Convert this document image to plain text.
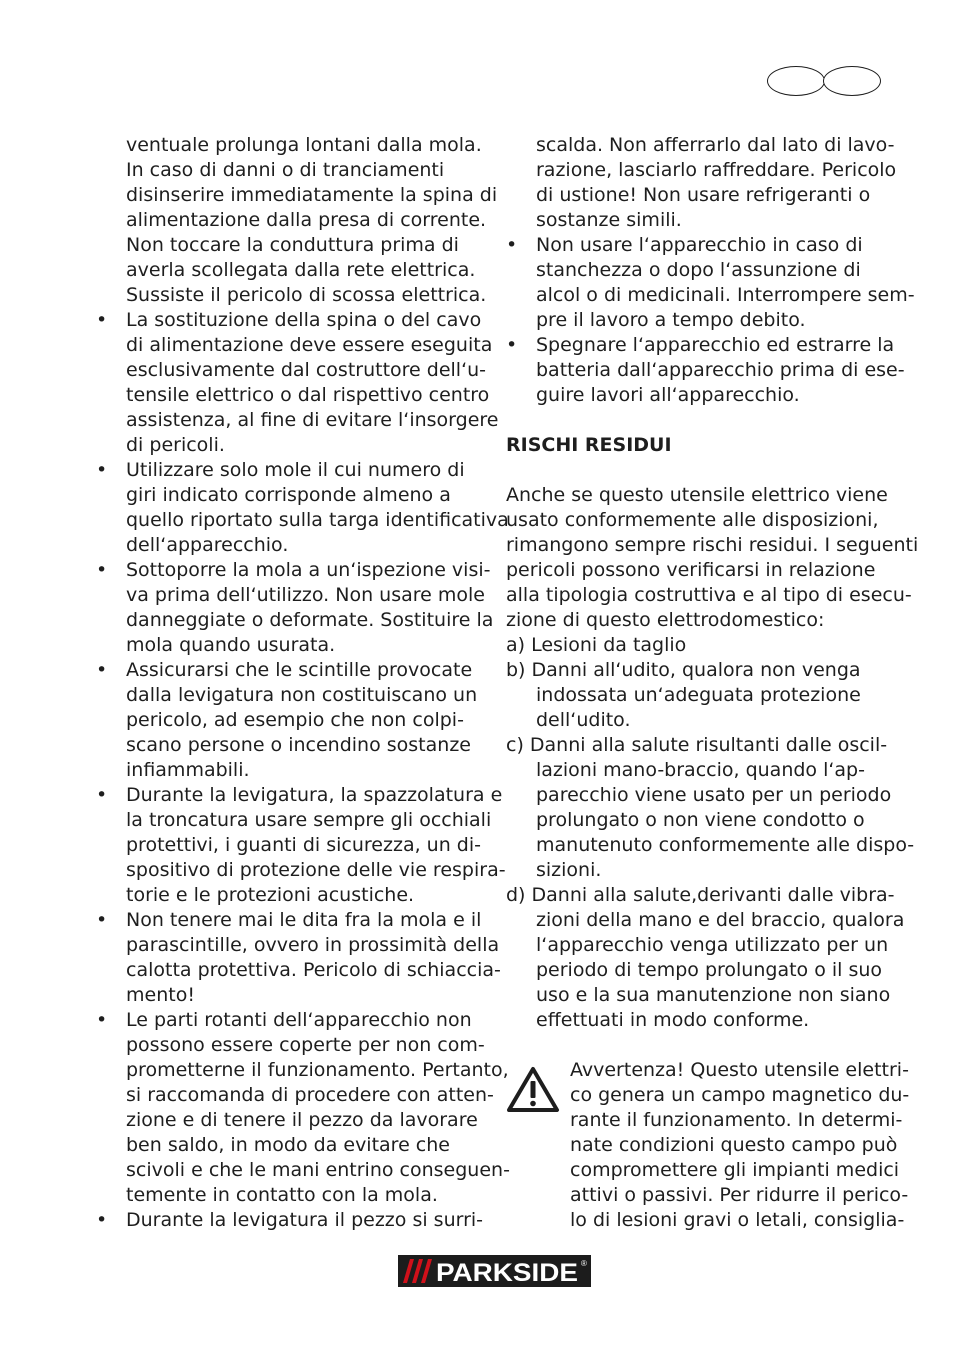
ventuale prolunga lontani dalla mola.
In caso di danni o di tranciamenti
disinserire immediatamente la spina di
alimentazione dalla presa di corrente.
Non toccare la conduttura prima di
averla scollegata dalla rete elettrica.
Sussiste il pericolo di scossa elettrica.
• La sostituzione della spina o del cavo
di alimentazione deve essere eseguita
esclusivamente dal costruttore dell‘u-
tensile elettrico o dal rispettivo centro
assistenza, al fine di evitare l‘insorgere
di pericoli.
• Utilizzare solo mole il cui numero di
giri indicato corrisponde almeno a
quello riportato sulla targa identificativa
dell‘apparecchio.
• Sottoporre la mola a un‘ispezione visi-
va prima dell‘utilizzo. Non usare mole
danneggiate o deformate. Sostituire la
mola quando usurata.
• Assicurarsi che le scintille provocate
dalla levigatura non costituiscano un
pericolo, ad esempio che non colpi-
scano persone o incendino sostanze
infiammabili.
• Durante la levigatura, la spazzolatura e
la troncatura usare sempre gli occhiali
protettivi, i guanti di sicurezza, un di-
spositivo di protezione delle vie respira-
torie e le protezioni acustiche.
• Non tenere mai le dita fra la mola e il
parascintille, ovvero in prossimità della
calotta protettiva. Pericolo di schiaccia-
mento!
• Le parti rotanti dell‘apparecchio non
possono essere coperte per non com-
prometterne il funzionamento. Pertanto,
si raccomanda di procedere con atten-
zione e di tenere il pezzo da lavorare
ben saldo, in modo da evitare che
scivoli e che le mani entrino conseguen-
temente in contatto con la mola.
• Durante la levigatura il pezzo si surri-
scalda. Non afferrarlo dal lato di lavo-
razione, lasciarlo raffreddare. Pericolo
di ustione! Non usare refrigeranti o
sostanze simili.
• Non usare l‘apparecchio in caso di
stanchezza o dopo l‘assunzione di
alcol o di medicinali. Interrompere sem-
pre il lavoro a tempo debito.
• Spegnare l‘apparecchio ed estrarre la
batteria dall‘apparecchio prima di ese-
guire lavori all‘apparecchio.
RISCHI RESIDUI
Anche se questo utensile elettrico viene
usato conformemente alle disposizioni,
rimangono sempre rischi residui. I seguenti
pericoli possono verificarsi in relazione
alla tipologia costruttiva e al tipo di esecu-
zione di questo elettrodomestico:
a) Lesioni da taglio
b) Danni all‘udito, qualora non venga
indossata un‘adeguata protezione
dell‘udito.
c) Danni alla salute risultanti dalle oscil-
lazioni mano-braccio, quando l‘ap-
parecchio viene usato per un periodo
prolungato o non viene condotto o
manutenuto conformemente alle dispo-
sizioni.
d) Danni alla salute,derivanti dalle vibra-
zioni della mano e del braccio, qualora
l‘apparecchio venga utilizzato per un
periodo di tempo prolungato o il suo
uso e la sua manutenzione non siano
effettuati in modo conforme.
Avvertenza! Questo utensile elettri-
co genera un campo magnetico du-
rante il funzionamento. In determi-
nate condizioni questo campo può
compromettere gli impianti medici
attivi o passivi. Per ridurre il perico-
lo di lesioni gravi o letali, consiglia-
PARKSIDE ®
